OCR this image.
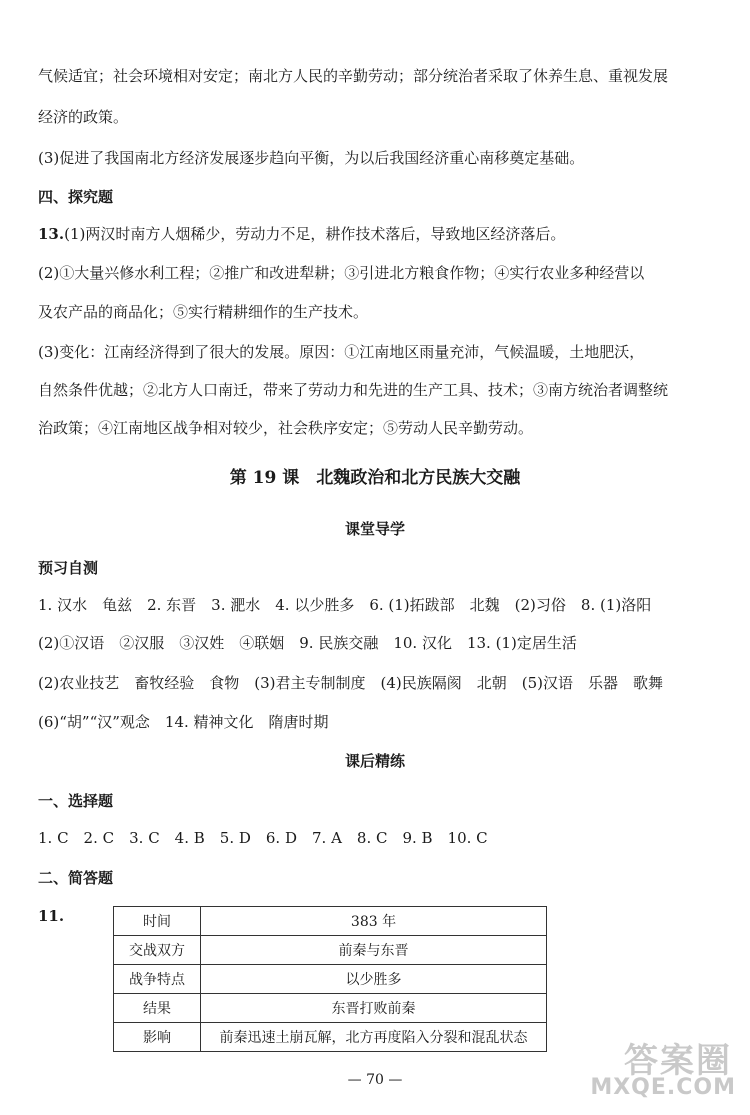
气候适宜；社会环境相对安定；南北方人民的辛勤劳动；部分统治者采取了休养生息、重视发展
经济的政策。
(3)促进了我国南北方经济发展逐步趋向平衡，为以后我国经济重心南移奠定基础。
四、探究题
13.(1)两汉时南方人烟稀少，劳动力不足，耕作技术落后，导致地区经济落后。
(2)①大量兴修水利工程；②推广和改进犁耕；③引进北方粮食作物；④实行农业多种经营以
及农产品的商品化；⑤实行精耕细作的生产技术。
(3)变化：江南经济得到了很大的发展。原因：①江南地区雨量充沛，气候温暖，土地肥沃，
自然条件优越；②北方人口南迁，带来了劳动力和先进的生产工具、技术；③南方统治者调整统
治政策；④江南地区战争相对较少，社会秩序安定；⑤劳动人民辛勤劳动。
第 19 课　北魏政治和北方民族大交融
课堂导学
预习自测
1. 汉水　龟兹　2. 东晋　3. 淝水　4. 以少胜多　6. (1)拓跋部　北魏　(2)习俗　8. (1)洛阳
(2)①汉语　②汉服　③汉姓　④联姻　9. 民族交融　10. 汉化　13. (1)定居生活
(2)农业技艺　畜牧经验　食物　(3)君主专制制度　(4)民族隔阂　北朝　(5)汉语　乐器　歌舞
(6)“胡”“汉”观念　14. 精神文化　隋唐时期
课后精练
一、选择题
1. C　2. C　3. C　4. B　5. D　6. D　7. A　8. C　9. B　10. C
二、简答题
11.	时间	383 年
交战双方	前秦与东晋
战争特点	以少胜多
结果	东晋打败前秦
影响	前秦迅速土崩瓦解，北方再度陷入分裂和混乱状态
— 70 —	答案圈
MXQE.COM
